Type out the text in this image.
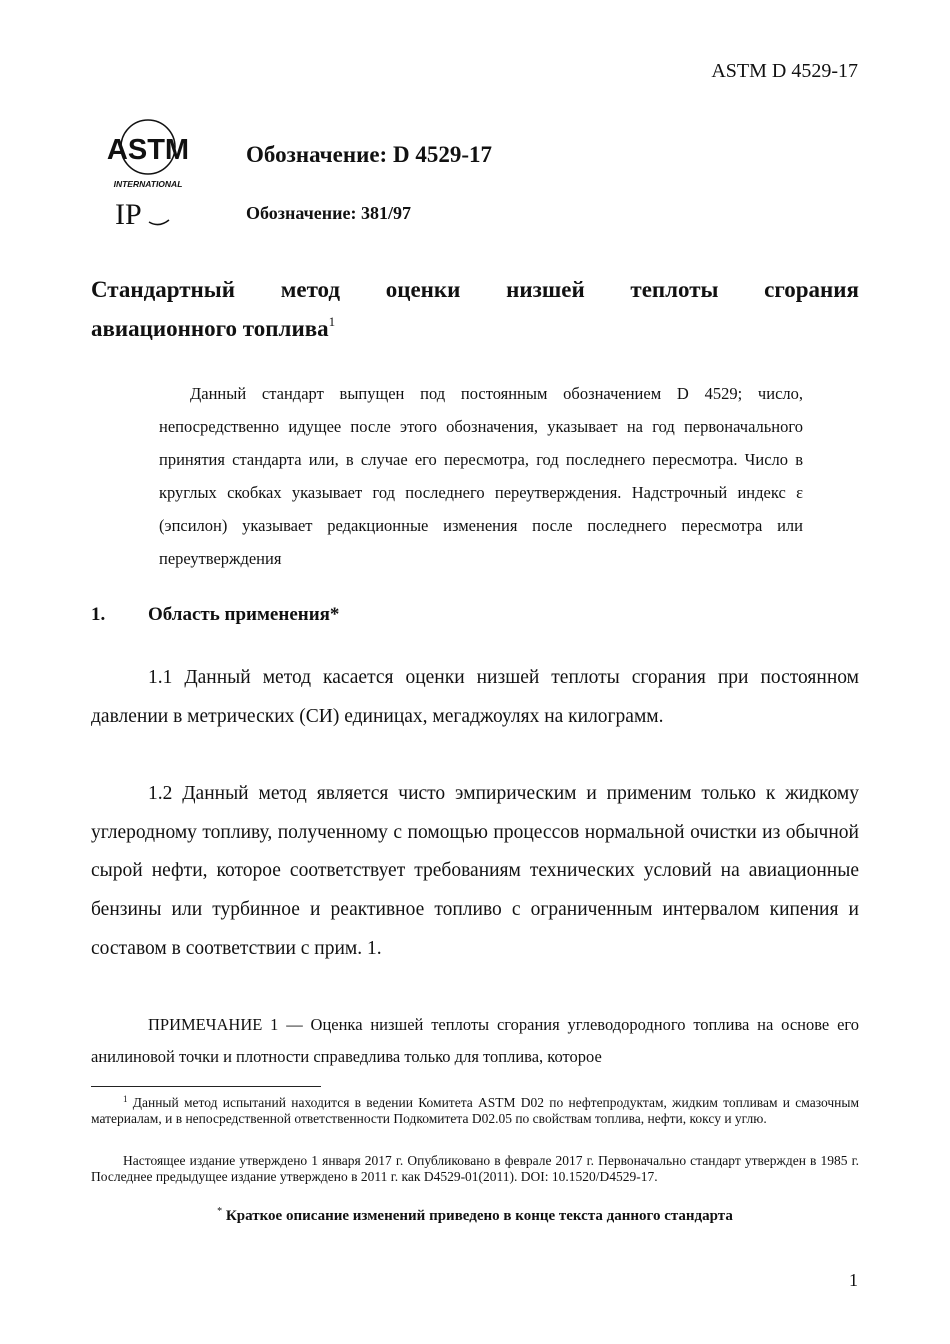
ASTM D 4529-17
ASTM
INTERNATIONAL
IP
Обозначение: D 4529-17
Обозначение: 381/97
Стандартный метод оценки низшей теплоты сгорания
авиационного топлива$^1$
Данный стандарт выпущен под постоянным обозначением D 4529; число, непосредственно идущее после этого обозначения, указывает на год первоначального принятия стандарта или, в случае его пересмотра, год последнего пересмотра. Число в круглых скобках указывает год последнего переутверждения. Надстрочный индекс ε (эпсилон) указывает редакционные изменения после последнего пересмотра или переутверждения
1. Область применения*
1.1 Данный метод касается оценки низшей теплоты сгорания при постоянном давлении в метрических (СИ) единицах, мегаджоулях на килограмм.
1.2 Данный метод является чисто эмпирическим и применим только к жидкому углеродному топливу, полученному с помощью процессов нормальной очистки из обычной сырой нефти, которое соответствует требованиям технических условий на авиационные бензины или турбинное и реактивное топливо с ограниченным интервалом кипения и составом в соответствии с прим. 1.
ПРИМЕЧАНИЕ 1 — Оценка низшей теплоты сгорания углеводородного топлива на основе его анилиновой точки и плотности справедлива только для топлива, которое
$^1$ Данный метод испытаний находится в ведении Комитета ASTM D02 по нефтепродуктам, жидким топливам и смазочным материалам, и в непосредственной ответственности Подкомитета D02.05 по свойствам топлива, нефти, коксу и углю.
Настоящее издание утверждено 1 января 2017 г. Опубликовано в феврале 2017 г. Первоначально стандарт утвержден в 1985 г. Последнее предыдущее издание утверждено в 2011 г. как D4529-01(2011). DOI: 10.1520/D4529-17.
* Краткое описание изменений приведено в конце текста данного стандарта
1
